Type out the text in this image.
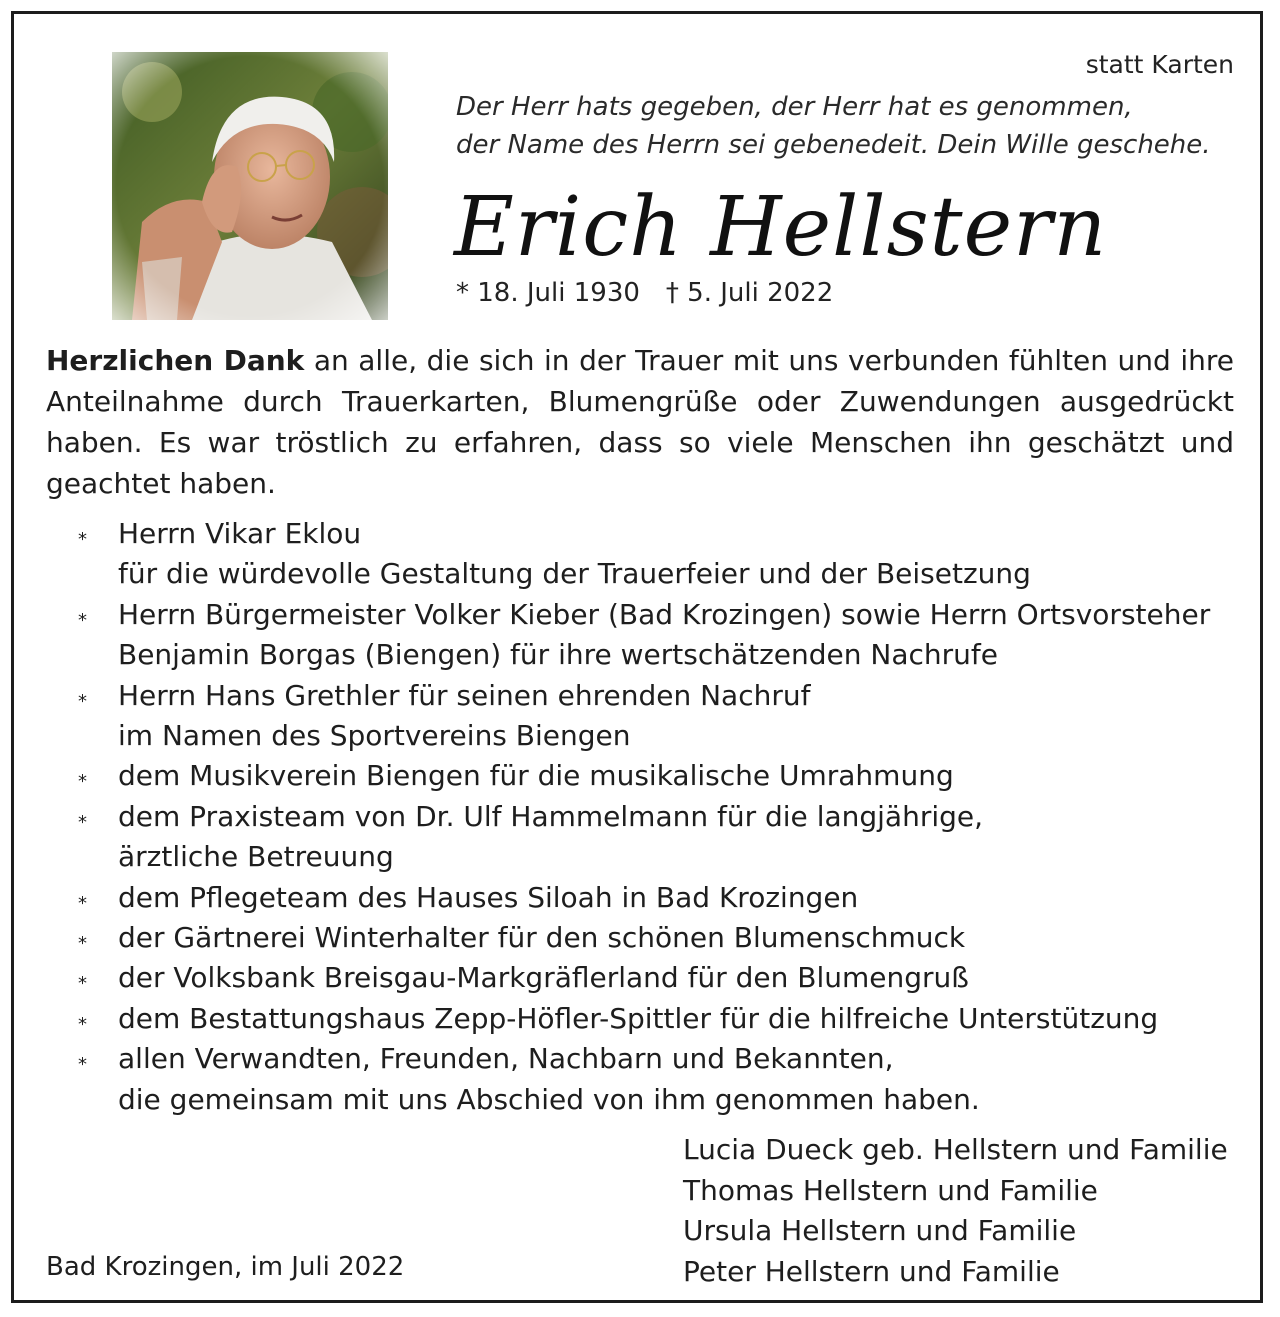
statt Karten
Der Herr hats gegeben, der Herr hat es genommen,
der Name des Herrn sei gebenedeit. Dein Wille geschehe.
Erich Hellstern
* 18. Juli 1930 † 5. Juli 2022
Herzlichen Dank an alle, die sich in der Trauer mit uns verbunden fühlten und ihre Anteilnahme durch Trauerkarten, Blumengrüße oder Zuwendungen ausgedrückt haben. Es war tröstlich zu erfahren, dass so viele Menschen ihn geschätzt und geachtet haben.
* Herrn Vikar Eklou
für die würdevolle Gestaltung der Trauerfeier und der Beisetzung
* Herrn Bürgermeister Volker Kieber (Bad Krozingen) sowie Herrn Ortsvorsteher
Benjamin Borgas (Biengen) für ihre wertschätzenden Nachrufe
* Herrn Hans Grethler für seinen ehrenden Nachruf
im Namen des Sportvereins Biengen
* dem Musikverein Biengen für die musikalische Umrahmung
* dem Praxisteam von Dr. Ulf Hammelmann für die langjährige,
ärztliche Betreuung
* dem Pflegeteam des Hauses Siloah in Bad Krozingen
* der Gärtnerei Winterhalter für den schönen Blumenschmuck
* der Volksbank Breisgau-Markgräflerland für den Blumengruß
* dem Bestattungshaus Zepp-Höfler-Spittler für die hilfreiche Unterstützung
* allen Verwandten, Freunden, Nachbarn und Bekannten,
die gemeinsam mit uns Abschied von ihm genommen haben.
Lucia Dueck geb. Hellstern und Familie
Thomas Hellstern und Familie
Ursula Hellstern und Familie
Peter Hellstern und Familie
Bad Krozingen, im Juli 2022
